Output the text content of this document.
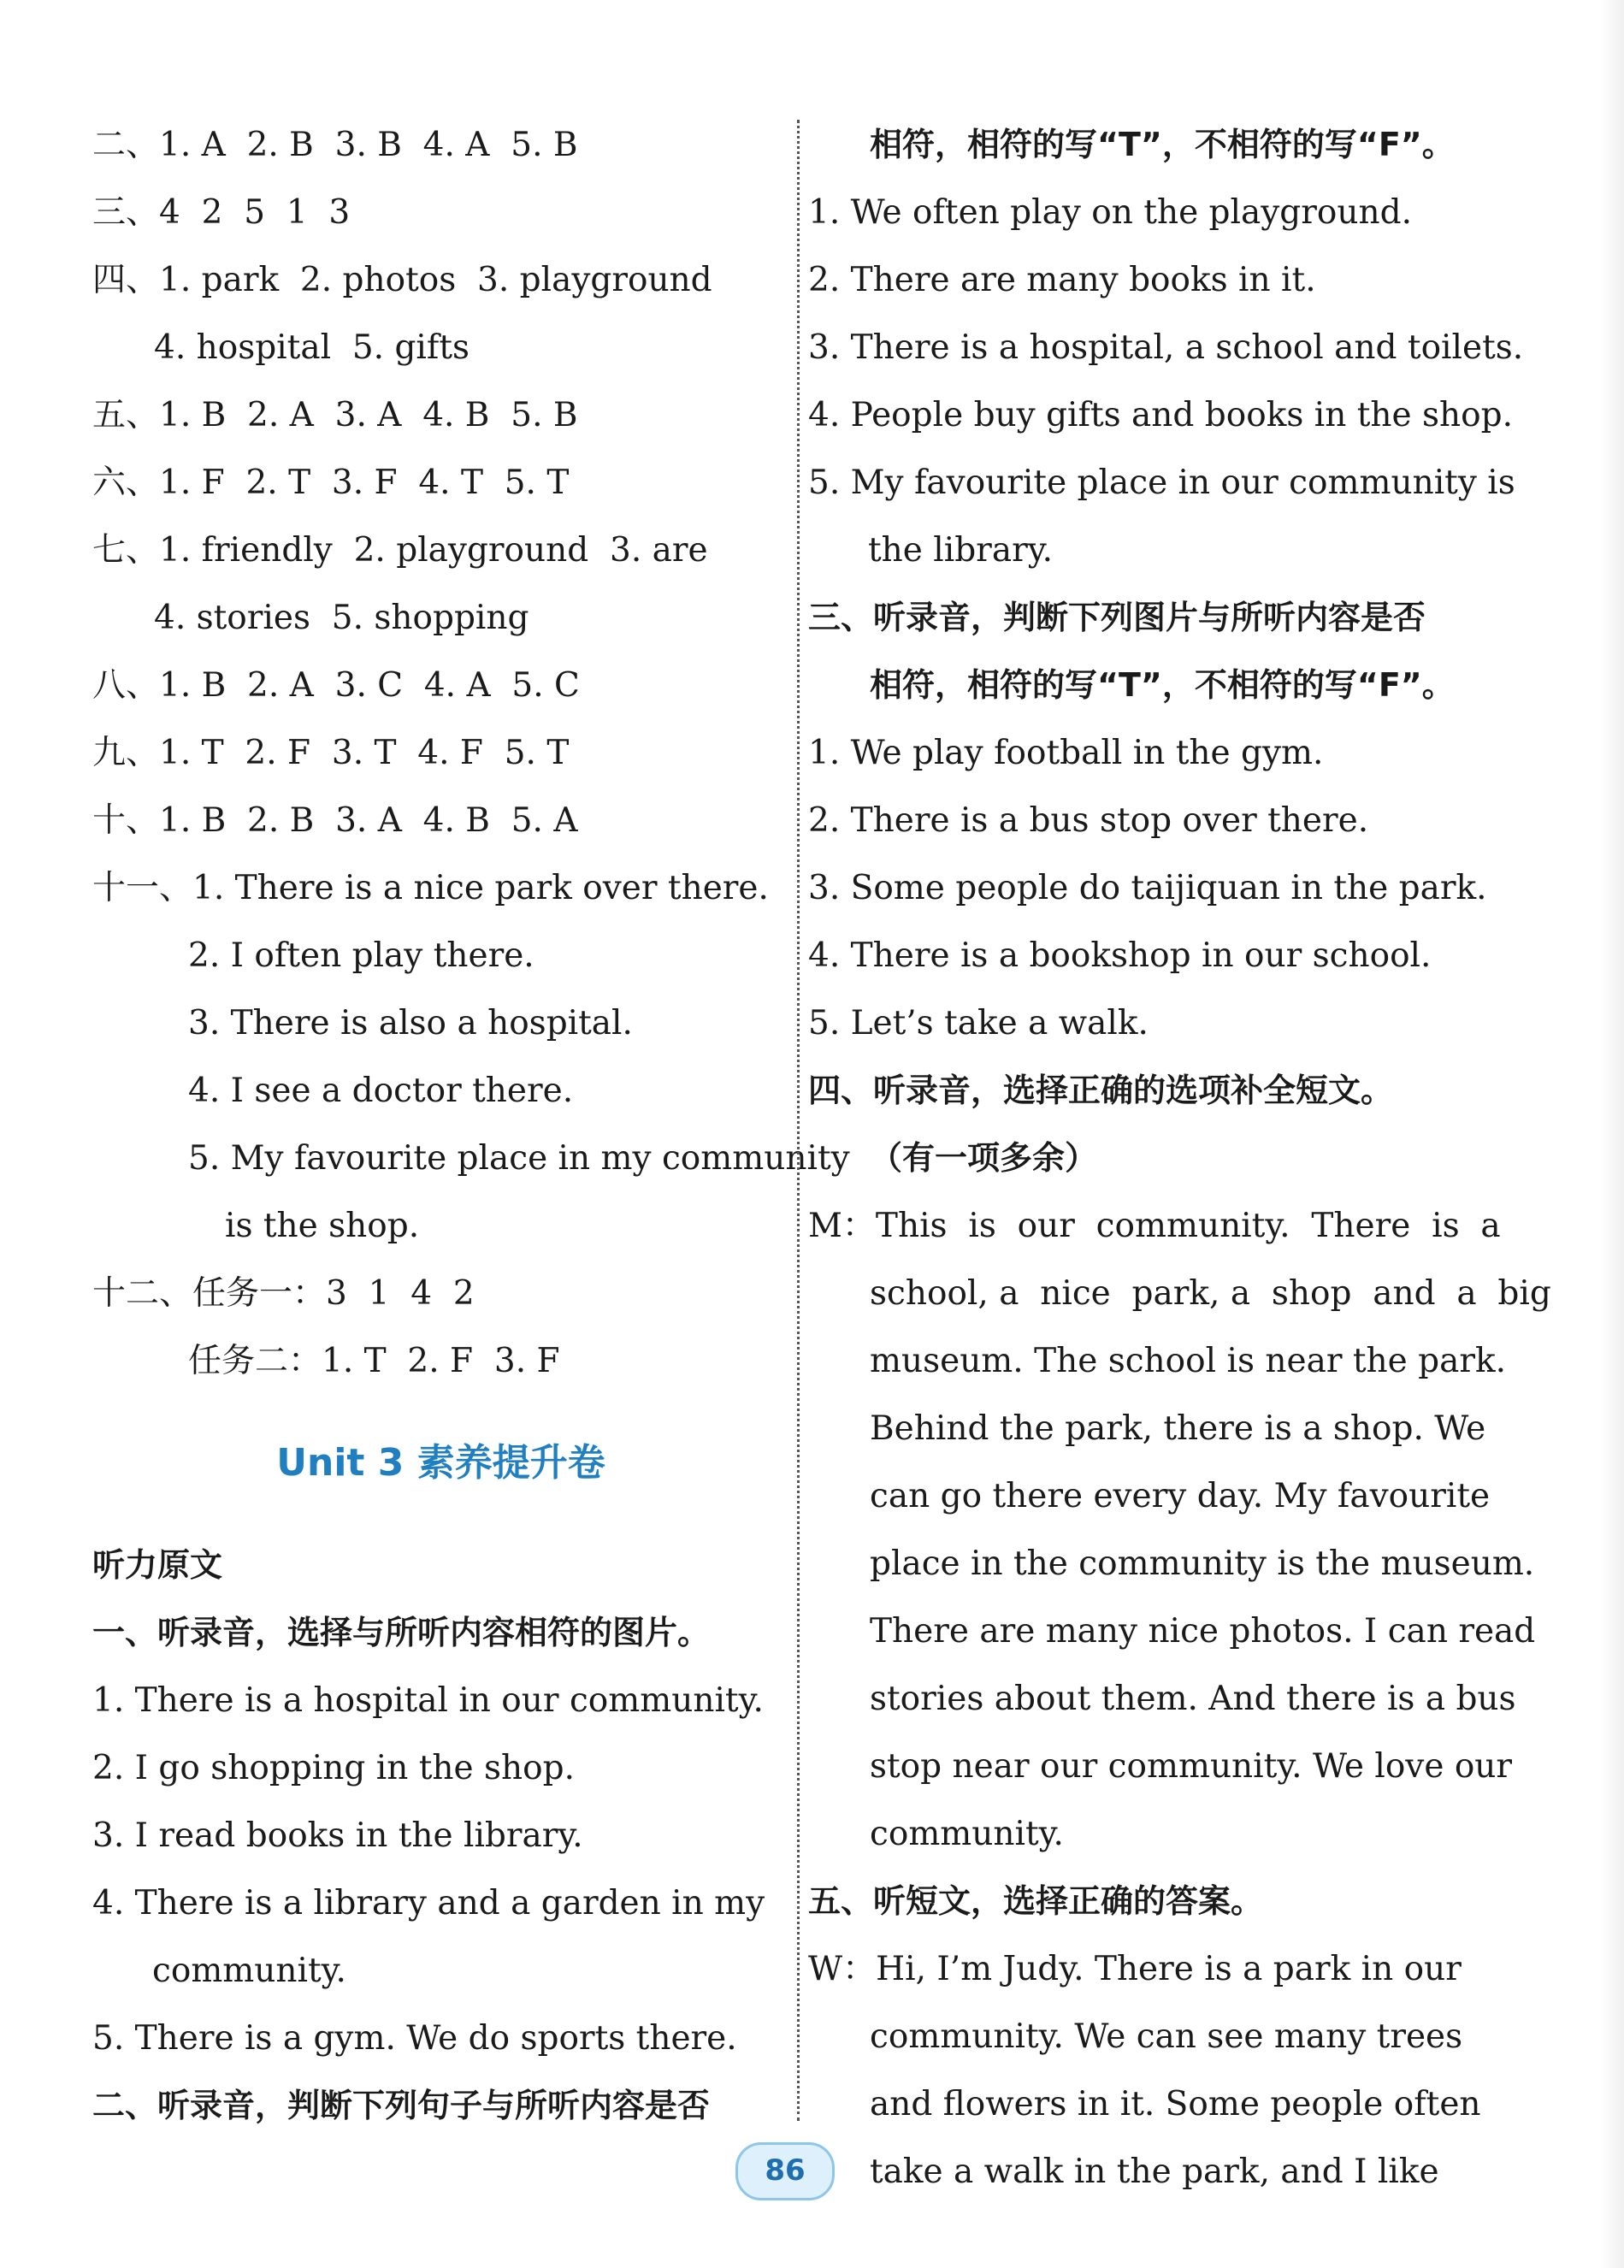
二、1. A  2. B  3. B  4. A  5. B
三、4  2  5  1  3
四、1. park  2. photos  3. playground
4. hospital  5. gifts
五、1. B  2. A  3. A  4. B  5. B
六、1. F  2. T  3. F  4. T  5. T
七、1. friendly  2. playground  3. are
4. stories  5. shopping
八、1. B  2. A  3. C  4. A  5. C
九、1. T  2. F  3. T  4. F  5. T
十、1. B  2. B  3. A  4. B  5. A
十一、1. There is a nice park over there.
2. I often play there.
3. There is also a hospital.
4. I see a doctor there.
5. My favourite place in my community
is the shop.
十二、任务一：3  1  4  2
任务二：1. T  2. F  3. F
Unit 3 素养提升卷
听力原文
一、听录音，选择与所听内容相符的图片。
1. There is a hospital in our community.
2. I go shopping in the shop.
3. I read books in the library.
4. There is a library and a garden in my
community.
5. There is a gym. We do sports there.
二、听录音，判断下列句子与所听内容是否
相符，相符的写“T”，不相符的写“F”。
1. We often play on the playground.
2. There are many books in it.
3. There is a hospital, a school and toilets.
4. People buy gifts and books in the shop.
5. My favourite place in our community is
the library.
三、听录音，判断下列图片与所听内容是否
相符，相符的写“T”，不相符的写“F”。
1. We play football in the gym.
2. There is a bus stop over there.
3. Some people do taijiquan in the park.
4. There is a bookshop in our school.
5. Let’s take a walk.
四、听录音，选择正确的选项补全短文。
（有一项多余）
M：This  is  our  community.  There  is  a
school, a  nice  park, a  shop  and  a  big
museum. The school is near the park.
Behind the park, there is a shop. We
can go there every day. My favourite
place in the community is the museum.
There are many nice photos. I can read
stories about them. And there is a bus
stop near our community. We love our
community.
五、听短文，选择正确的答案。
W：Hi, I’m Judy. There is a park in our
community. We can see many trees
and flowers in it. Some people often
take a walk in the park, and I like
86
